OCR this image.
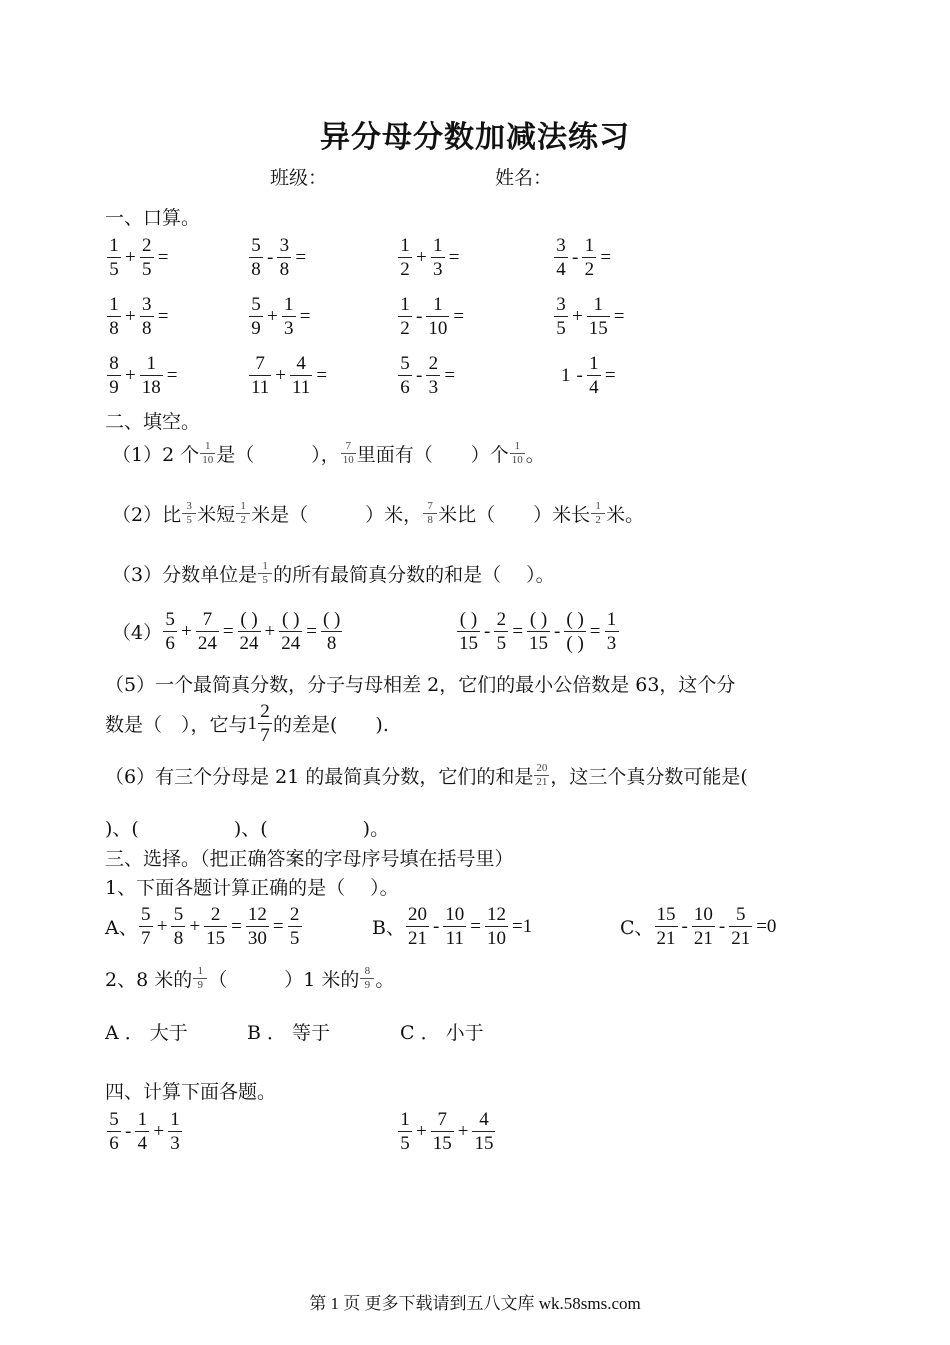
异分母分数加减法练习
班级：	姓名：
一、口算。
$\frac{1}{5} + \frac{2}{5}$ =	$\frac{5}{8} - \frac{3}{8}$ =	$\frac{1}{2} + \frac{1}{3}$ =	$\frac{3}{4} - \frac{1}{2}$ =
$\frac{1}{8} + \frac{3}{8}$ =	$\frac{5}{9} + \frac{1}{3}$ =	$\frac{1}{2} - \frac{1}{10}$ =	$\frac{3}{5} + \frac{1}{15}$ =
$\frac{8}{9} + \frac{1}{18}$ =	$\frac{7}{11} + \frac{4}{11}$ =	$\frac{5}{6} - \frac{2}{3}$ =	$1 - \frac{1}{4}$ =
二、填空。
（1）2 个 $\frac{1}{10}$ 是（　　　）， $\frac{7}{10}$ 里面有（　　）个 $\frac{1}{10}$ 。
（2）比 $\frac{3}{5}$ 米短 $\frac{1}{2}$ 米是（　　　）米， $\frac{7}{8}$ 米比（　　）米长 $\frac{1}{2}$ 米。
（3）分数单位是 $\frac{1}{5}$ 的所有最简真分数的和是（　 ）。
$(4) \frac{5}{6} + \frac{7}{24} = \frac{( )}{24} + \frac{( )}{24} = \frac{( )}{8}$	$\frac{( )}{15} - \frac{2}{5} = \frac{( )}{15} - \frac{( )}{( )} = \frac{1}{3}$
（5）一个最简真分数，分子与母相差 2，它们的最小公倍数是 63，这个分
数是（　），它与 $1 \frac{2}{7}$ 的差是(　　).
（6）有三个分母是 21 的最简真分数，它们的和是 $\frac{20}{21}$ ，这三个真分数可能是(
)、(　　　　　)、(　　　　　)。
三、选择。（把正确答案的字母序号填在括号里）
1、下面各题计算正确的是（　 ）。
A、 $\frac{5}{7} + \frac{5}{8} + \frac{2}{15} = \frac{12}{30} = \frac{2}{5}$	B、 $\frac{20}{21} - \frac{10}{11} = \frac{12}{10} =1$	C、 $\frac{15}{21} - \frac{10}{21} - \frac{5}{21} =0$
2、8 米的 $\frac{1}{9}$ （　　　）1 米的 $\frac{8}{9}$ 。
A ． 大于	B ． 等于	C ． 小于
四、计算下面各题。
$\frac{5}{6} - \frac{1}{4} + \frac{1}{3}$	$\frac{1}{5} + \frac{7}{15} + \frac{4}{15}$
第 1 页 更多下载请到五八文库 wk.58sms.com
